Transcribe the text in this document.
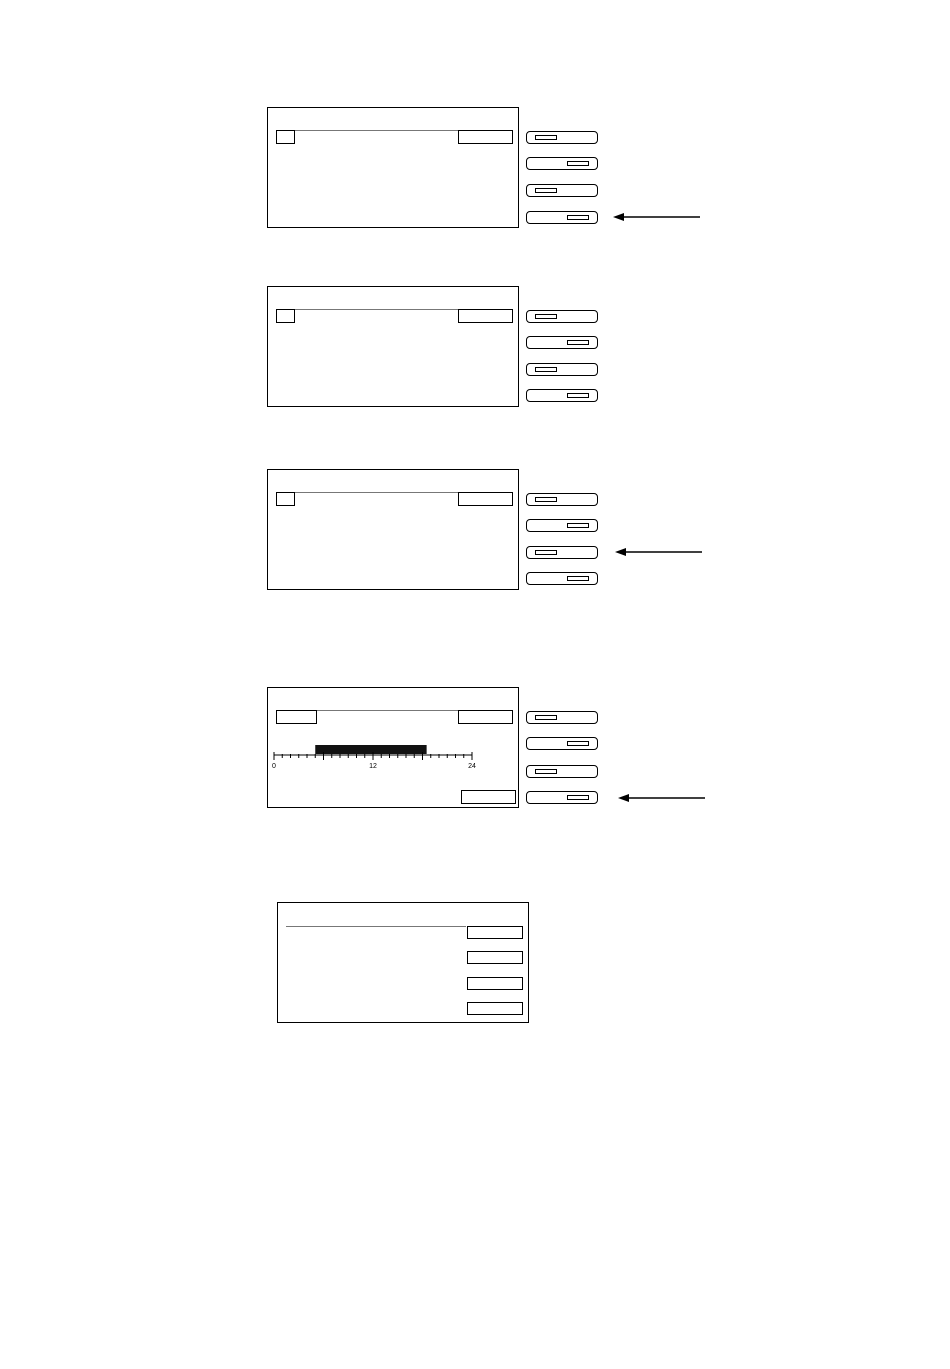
0	12	24
